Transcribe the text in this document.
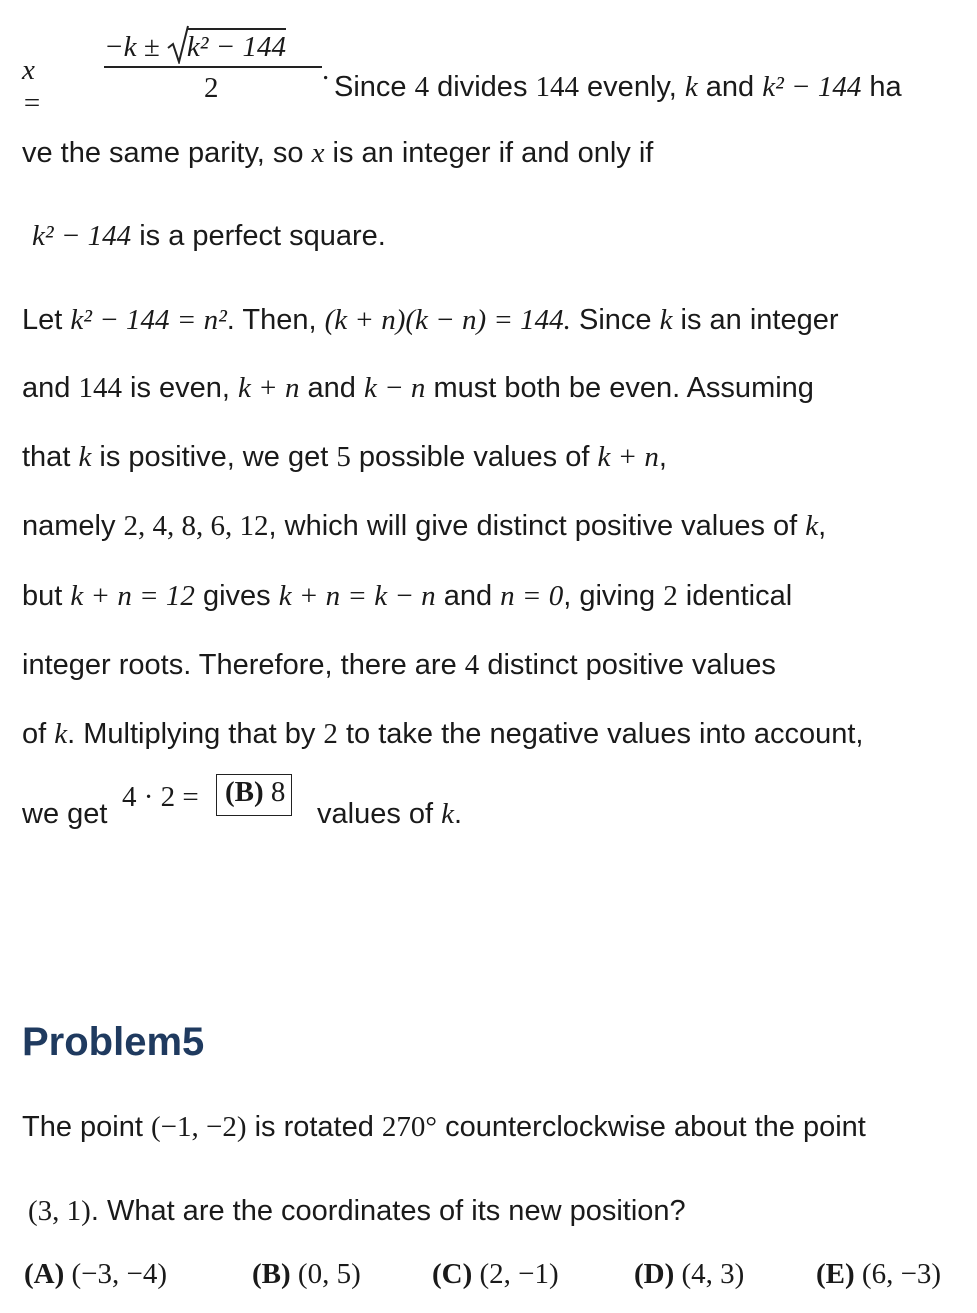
x =
−k ±
k² − 144
2
.
Since 4 divides 144 evenly, k and k² − 144 ha
ve the same parity, so x is an integer if and only if
k² − 144 is a perfect square.
Let k² − 144 = n². Then, (k + n)(k − n) = 144. Since k is an integer
and 144 is even, k + n and k − n must both be even. Assuming
that k is positive, we get 5 possible values of k + n,
namely 2, 4, 8, 6, 12, which will give distinct positive values of k,
but k + n = 12 gives k + n = k − n and n = 0, giving 2 identical
integer roots. Therefore, there are 4 distinct positive values
of k. Multiplying that by 2 to take the negative values into account,
we get
4 · 2 = (B) 8
values of k.
Problem5
The point (−1, −2) is rotated 270° counterclockwise about the point
(3, 1). What are the coordinates of its new position?
(A) (−3, −4)	(B) (0, 5) (C) (2, −1)	(D) (4, 3) (E) (6, −3)
